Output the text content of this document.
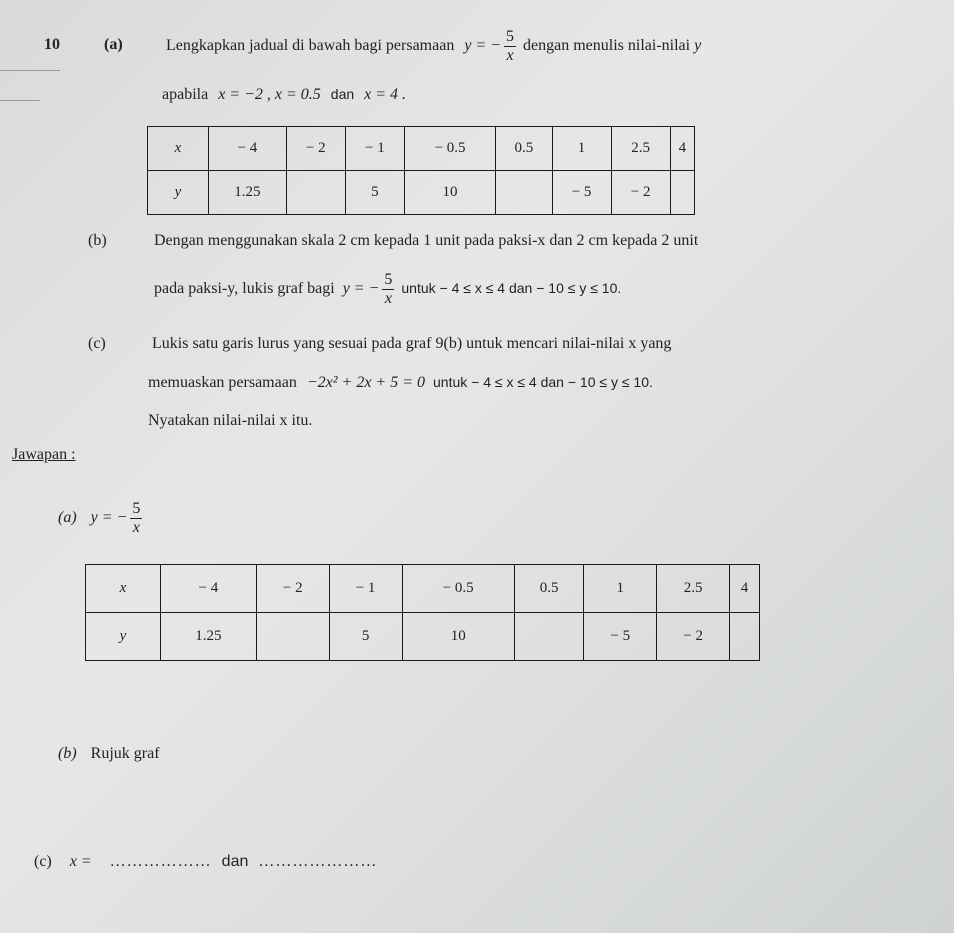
10	(a)	Lengkapkan jadual di bawah bagi persamaan y = − $\frac{5}{x}$ dengan menulis nilai-nilai y
apabila x = −2 , x = 0.5 dan x = 4 .
x	− 4	− 2	− 1	− 0.5	0.5	1	2.5	4
y	1.25		5	10		− 5	− 2	
(b)	Dengan menggunakan skala 2 cm kepada 1 unit pada paksi-x dan 2 cm kepada 2 unit
pada paksi-y, lukis graf bagi y = − $\frac{5}{x}$ untuk − 4 ≤ x ≤ 4 dan − 10 ≤ y ≤ 10.
(c)	Lukis satu garis lurus yang sesuai pada graf 9(b) untuk mencari nilai-nilai x yang
memuaskan persamaan −2x² + 2x + 5 = 0 untuk − 4 ≤ x ≤ 4 dan − 10 ≤ y ≤ 10.
Nyatakan nilai-nilai x itu.
Jawapan :
(a) y = − $\frac{5}{x}$
x	− 4	− 2	− 1	− 0.5	0.5	1	2.5	4
y	1.25		5	10		− 5	− 2	
(b) Rujuk graf
(c) x = ……………… dan …………………
